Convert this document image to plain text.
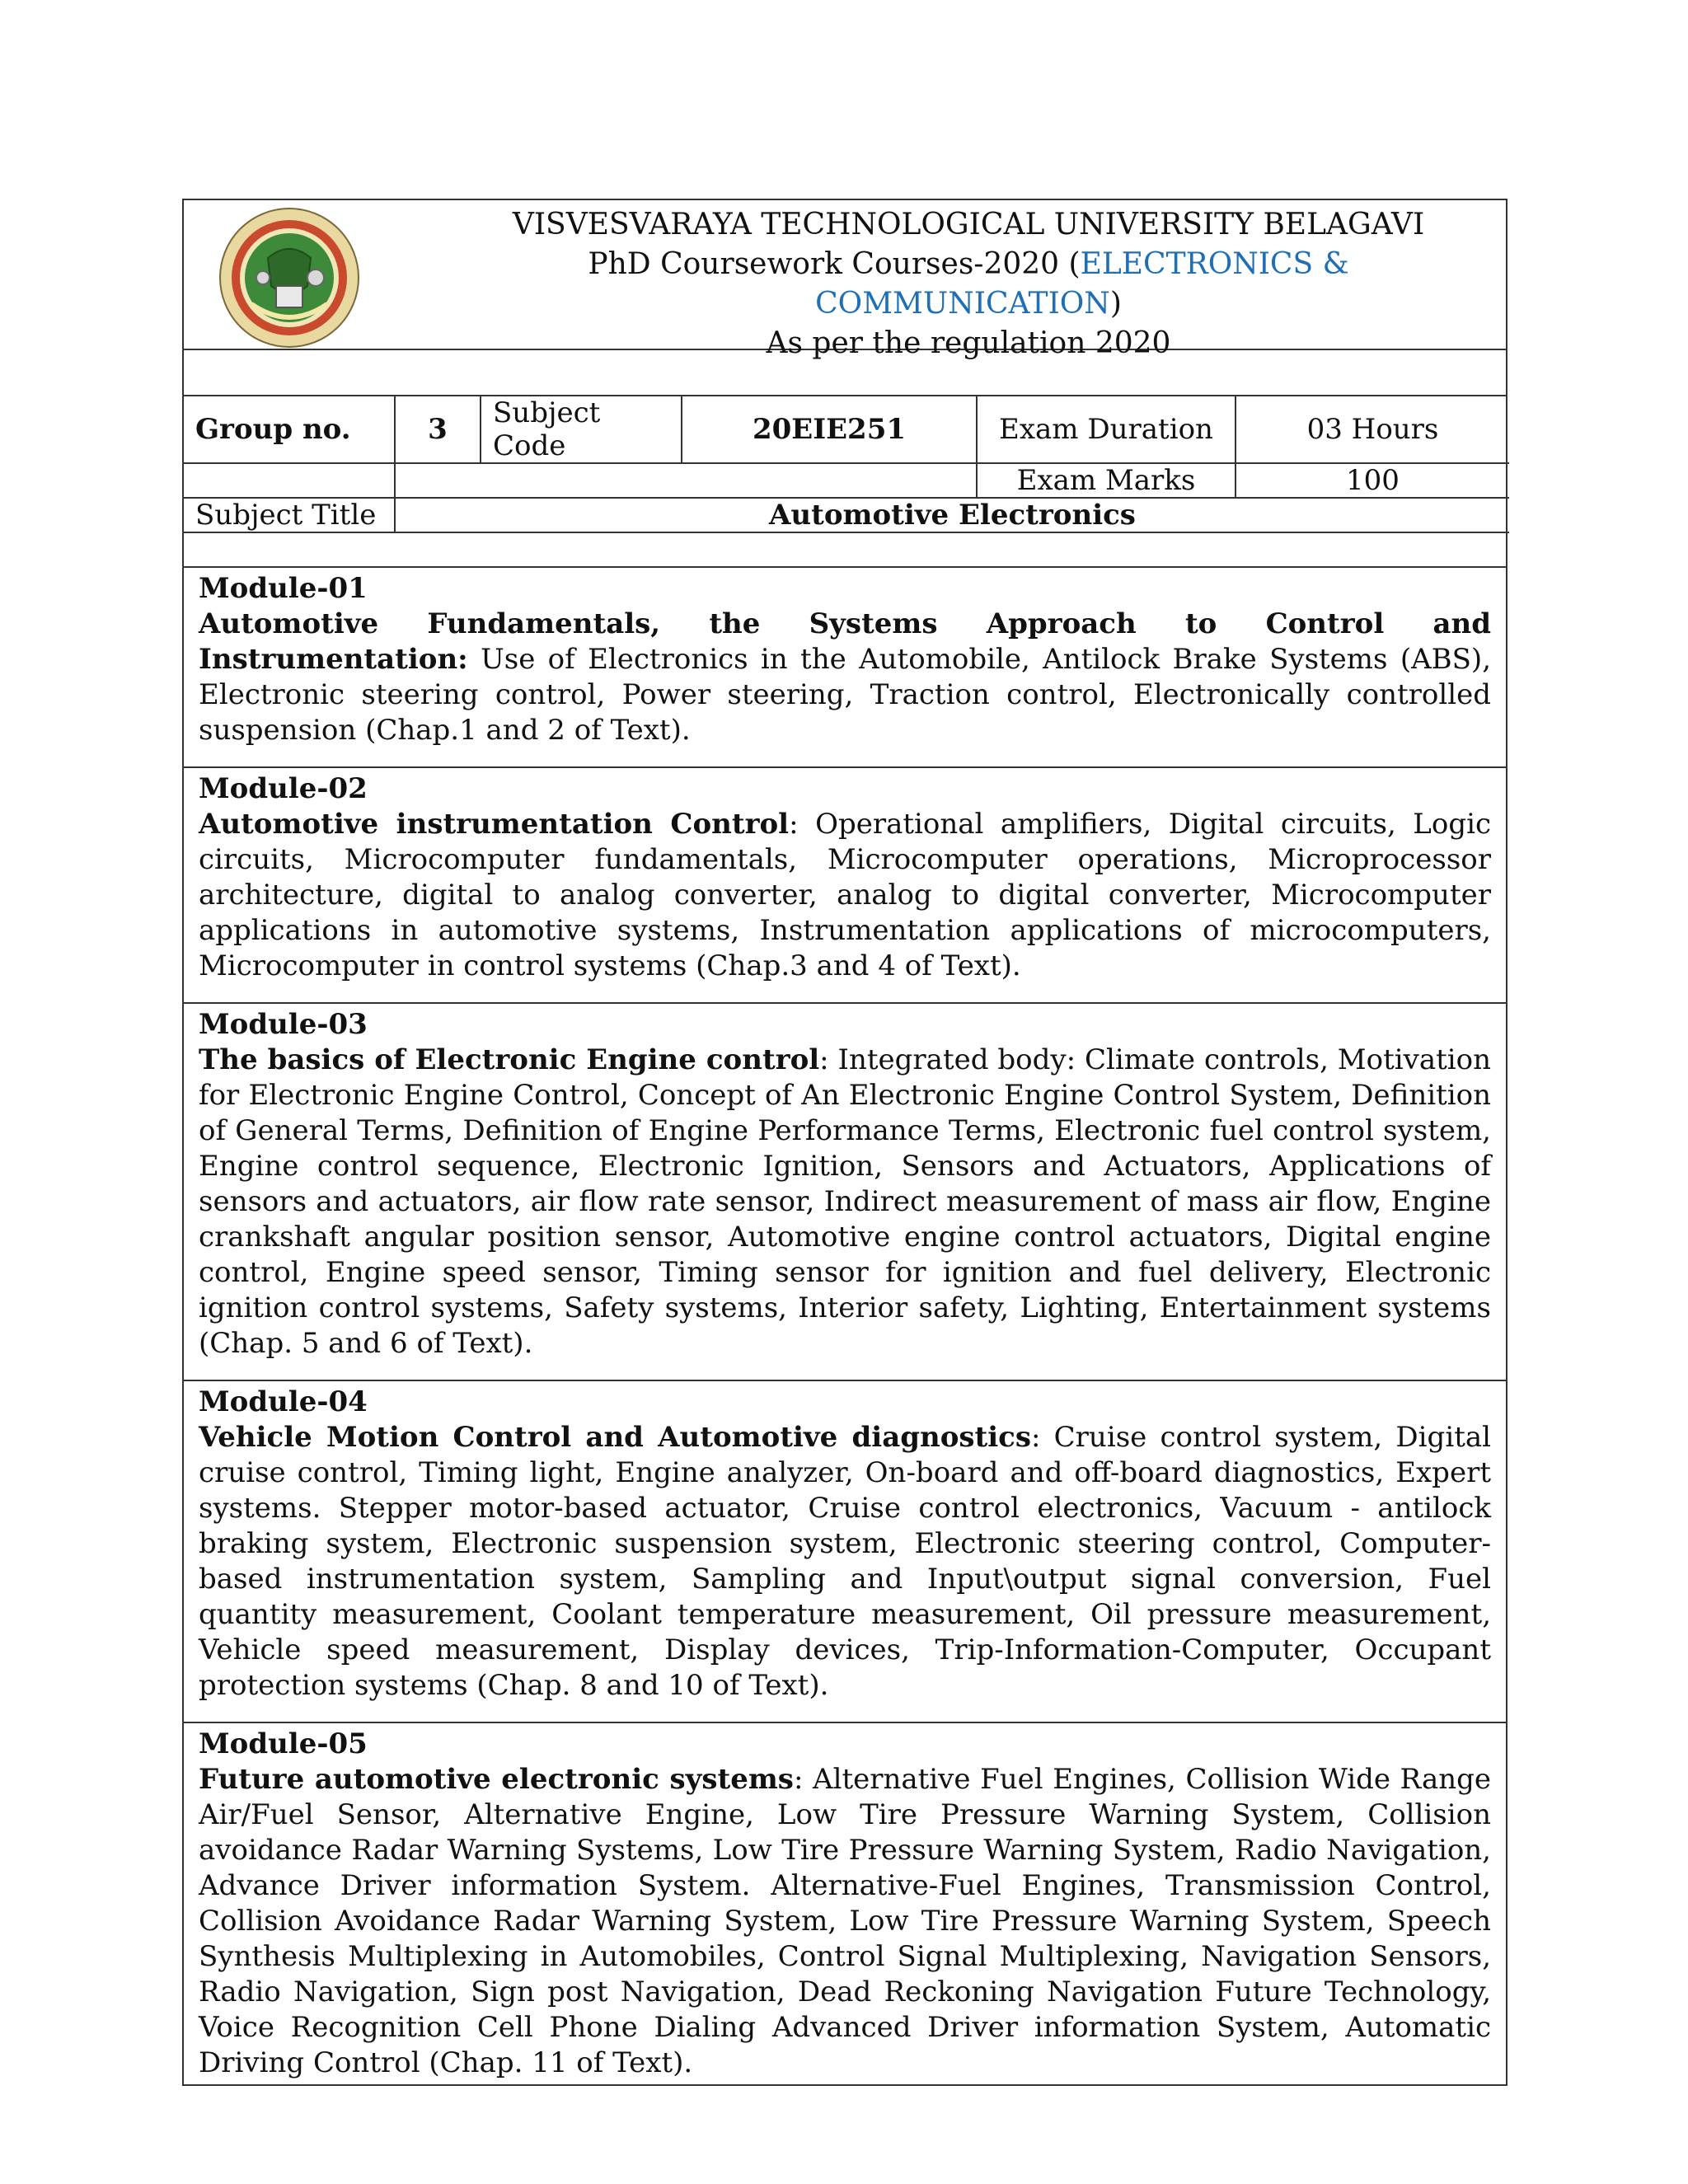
VISVESVARAYA TECHNOLOGICAL UNIVERSITY BELAGAVI
PhD Coursework Courses-2020 (ELECTRONICS & COMMUNICATION)
As per the regulation 2020
Group no.	3	Subject Code	20EIE251	Exam Duration	03 Hours
				Exam Marks	100
Subject Title	Automotive Electronics				
Module-01
Automotive Fundamentals, the Systems Approach to Control and Instrumentation: Use of Electronics in the Automobile, Antilock Brake Systems (ABS), Electronic steering control, Power steering, Traction control, Electronically controlled suspension (Chap.1 and 2 of Text).
Module-02
Automotive instrumentation Control: Operational amplifiers, Digital circuits, Logic circuits, Microcomputer fundamentals, Microcomputer operations, Microprocessor architecture, digital to analog converter, analog to digital converter, Microcomputer applications in automotive systems, Instrumentation applications of microcomputers, Microcomputer in control systems (Chap.3 and 4 of Text).
Module-03
The basics of Electronic Engine control: Integrated body: Climate controls, Motivation for Electronic Engine Control, Concept of An Electronic Engine Control System, Definition of General Terms, Definition of Engine Performance Terms, Electronic fuel control system, Engine control sequence, Electronic Ignition, Sensors and Actuators, Applications of sensors and actuators, air flow rate sensor, Indirect measurement of mass air flow, Engine crankshaft angular position sensor, Automotive engine control actuators, Digital engine control, Engine speed sensor, Timing sensor for ignition and fuel delivery, Electronic ignition control systems, Safety systems, Interior safety, Lighting, Entertainment systems (Chap. 5 and 6 of Text).
Module-04
Vehicle Motion Control and Automotive diagnostics: Cruise control system, Digital cruise control, Timing light, Engine analyzer, On-board and off-board diagnostics, Expert systems. Stepper motor-based actuator, Cruise control electronics, Vacuum - antilock braking system, Electronic suspension system, Electronic steering control, Computer-based instrumentation system, Sampling and Input\output signal conversion, Fuel quantity measurement, Coolant temperature measurement, Oil pressure measurement, Vehicle speed measurement, Display devices, Trip-Information-Computer, Occupant protection systems (Chap. 8 and 10 of Text).
Module-05
Future automotive electronic systems: Alternative Fuel Engines, Collision Wide Range Air/Fuel Sensor, Alternative Engine, Low Tire Pressure Warning System, Collision avoidance Radar Warning Systems, Low Tire Pressure Warning System, Radio Navigation, Advance Driver information System. Alternative-Fuel Engines, Transmission Control, Collision Avoidance Radar Warning System, Low Tire Pressure Warning System, Speech Synthesis Multiplexing in Automobiles, Control Signal Multiplexing, Navigation Sensors, Radio Navigation, Sign post Navigation, Dead Reckoning Navigation Future Technology, Voice Recognition Cell Phone Dialing Advanced Driver information System, Automatic Driving Control (Chap. 11 of Text).
